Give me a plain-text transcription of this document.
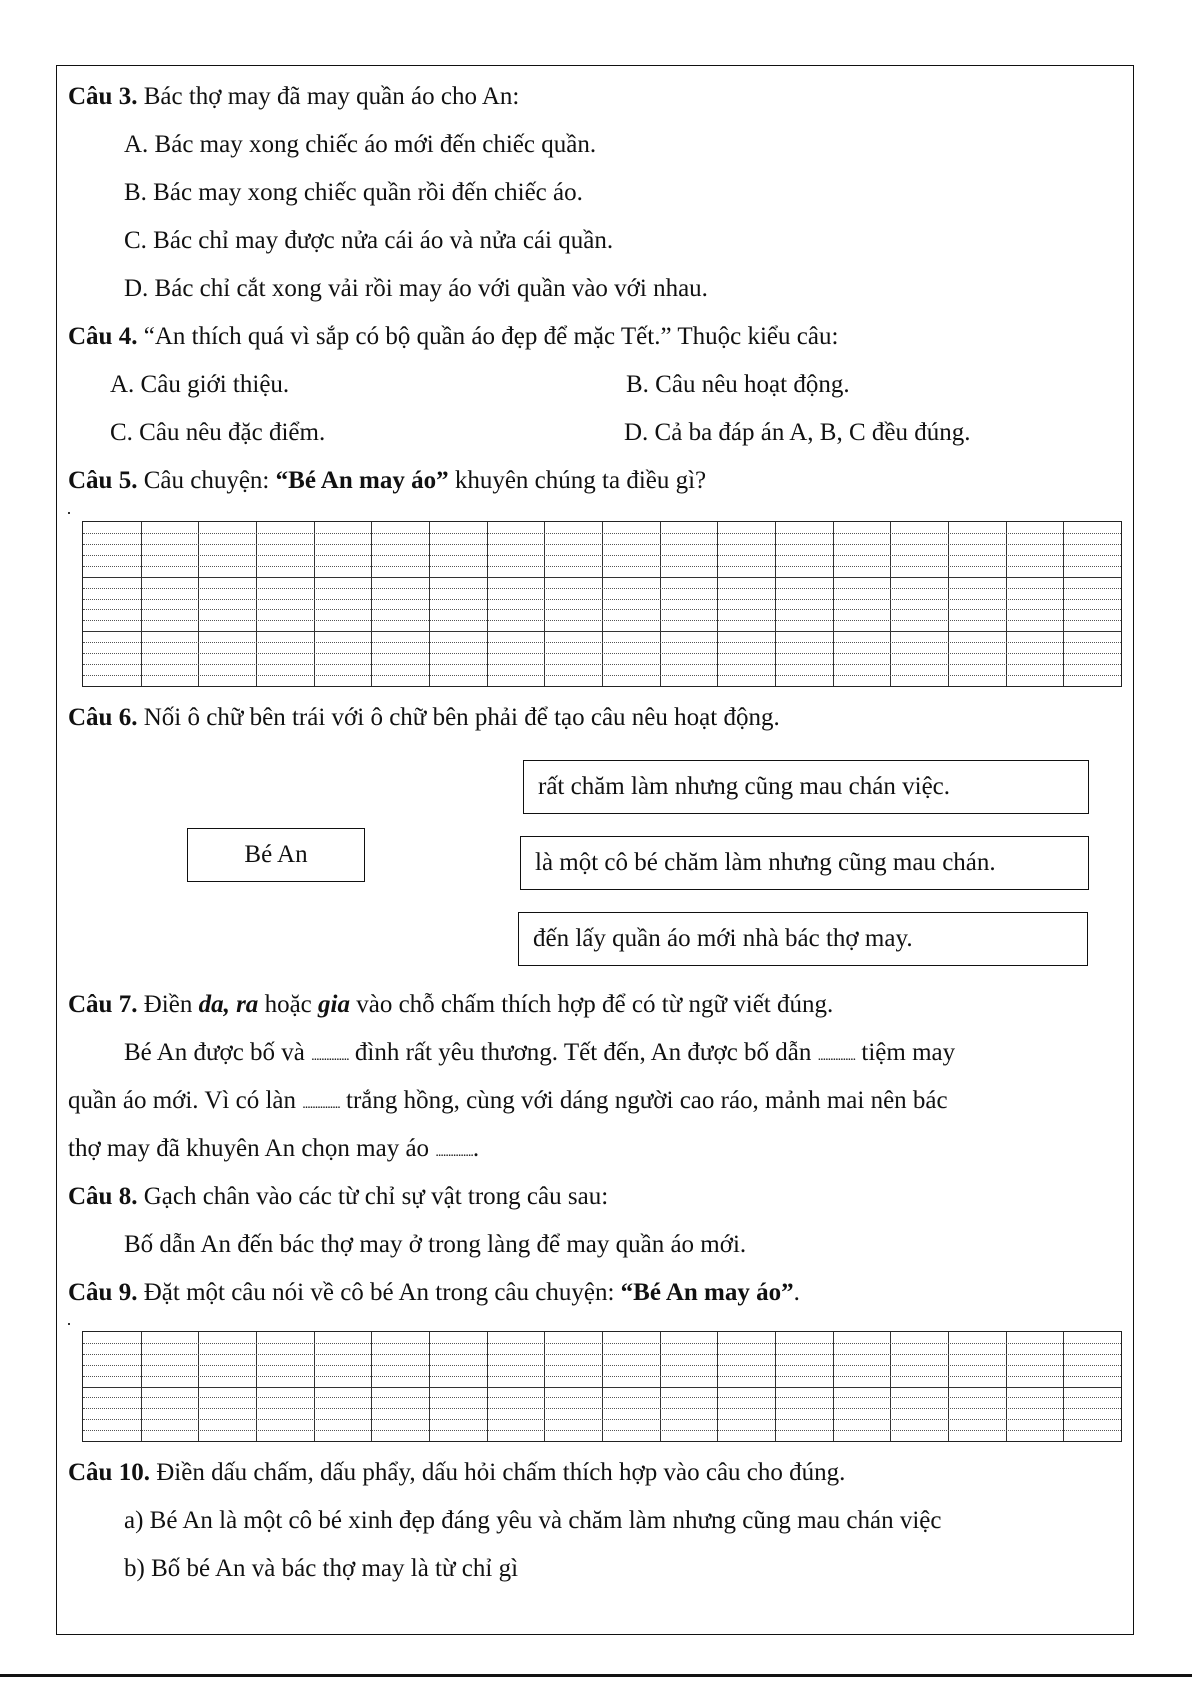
Câu 3. Bác thợ may đã may quần áo cho An:
A. Bác may xong chiếc áo mới đến chiếc quần.
B. Bác may xong chiếc quần rồi đến chiếc áo.
C. Bác chỉ may được nửa cái áo và nửa cái quần.
D. Bác chỉ cắt xong vải rồi may áo với quần vào với nhau.
Câu 4. “An thích quá vì sắp có bộ quần áo đẹp để mặc Tết.” Thuộc kiểu câu:
A. Câu giới thiệu.	B. Câu nêu hoạt động.
C. Câu nêu đặc điểm.	D. Cả ba đáp án A, B, C đều đúng.
Câu 5. Câu chuyện: “Bé An may áo” khuyên chúng ta điều gì?
Câu 6. Nối ô chữ bên trái với ô chữ bên phải để tạo câu nêu hoạt động.
Bé An
rất chăm làm nhưng cũng mau chán việc.
là một cô bé chăm làm nhưng cũng mau chán.
đến lấy quần áo mới nhà bác thợ may.
Câu 7. Điền da, ra hoặc gia vào chỗ chấm thích hợp để có từ ngữ viết đúng.
Bé An được bố và ............... đình rất yêu thương. Tết đến, An được bố dẫn ............... tiệm may
quần áo mới. Vì có làn ............... trắng hồng, cùng với dáng người cao ráo, mảnh mai nên bác
thợ may đã khuyên An chọn may áo ................
Câu 8. Gạch chân vào các từ chỉ sự vật trong câu sau:
Bố dẫn An đến bác thợ may ở trong làng để may quần áo mới.
Câu 9. Đặt một câu nói về cô bé An trong câu chuyện: “Bé An may áo”.
Câu 10. Điền dấu chấm, dấu phẩy, dấu hỏi chấm thích hợp vào câu cho đúng.
a) Bé An là một cô bé xinh đẹp đáng yêu và chăm làm nhưng cũng mau chán việc
b) Bố bé An và bác thợ may là từ chỉ gì
